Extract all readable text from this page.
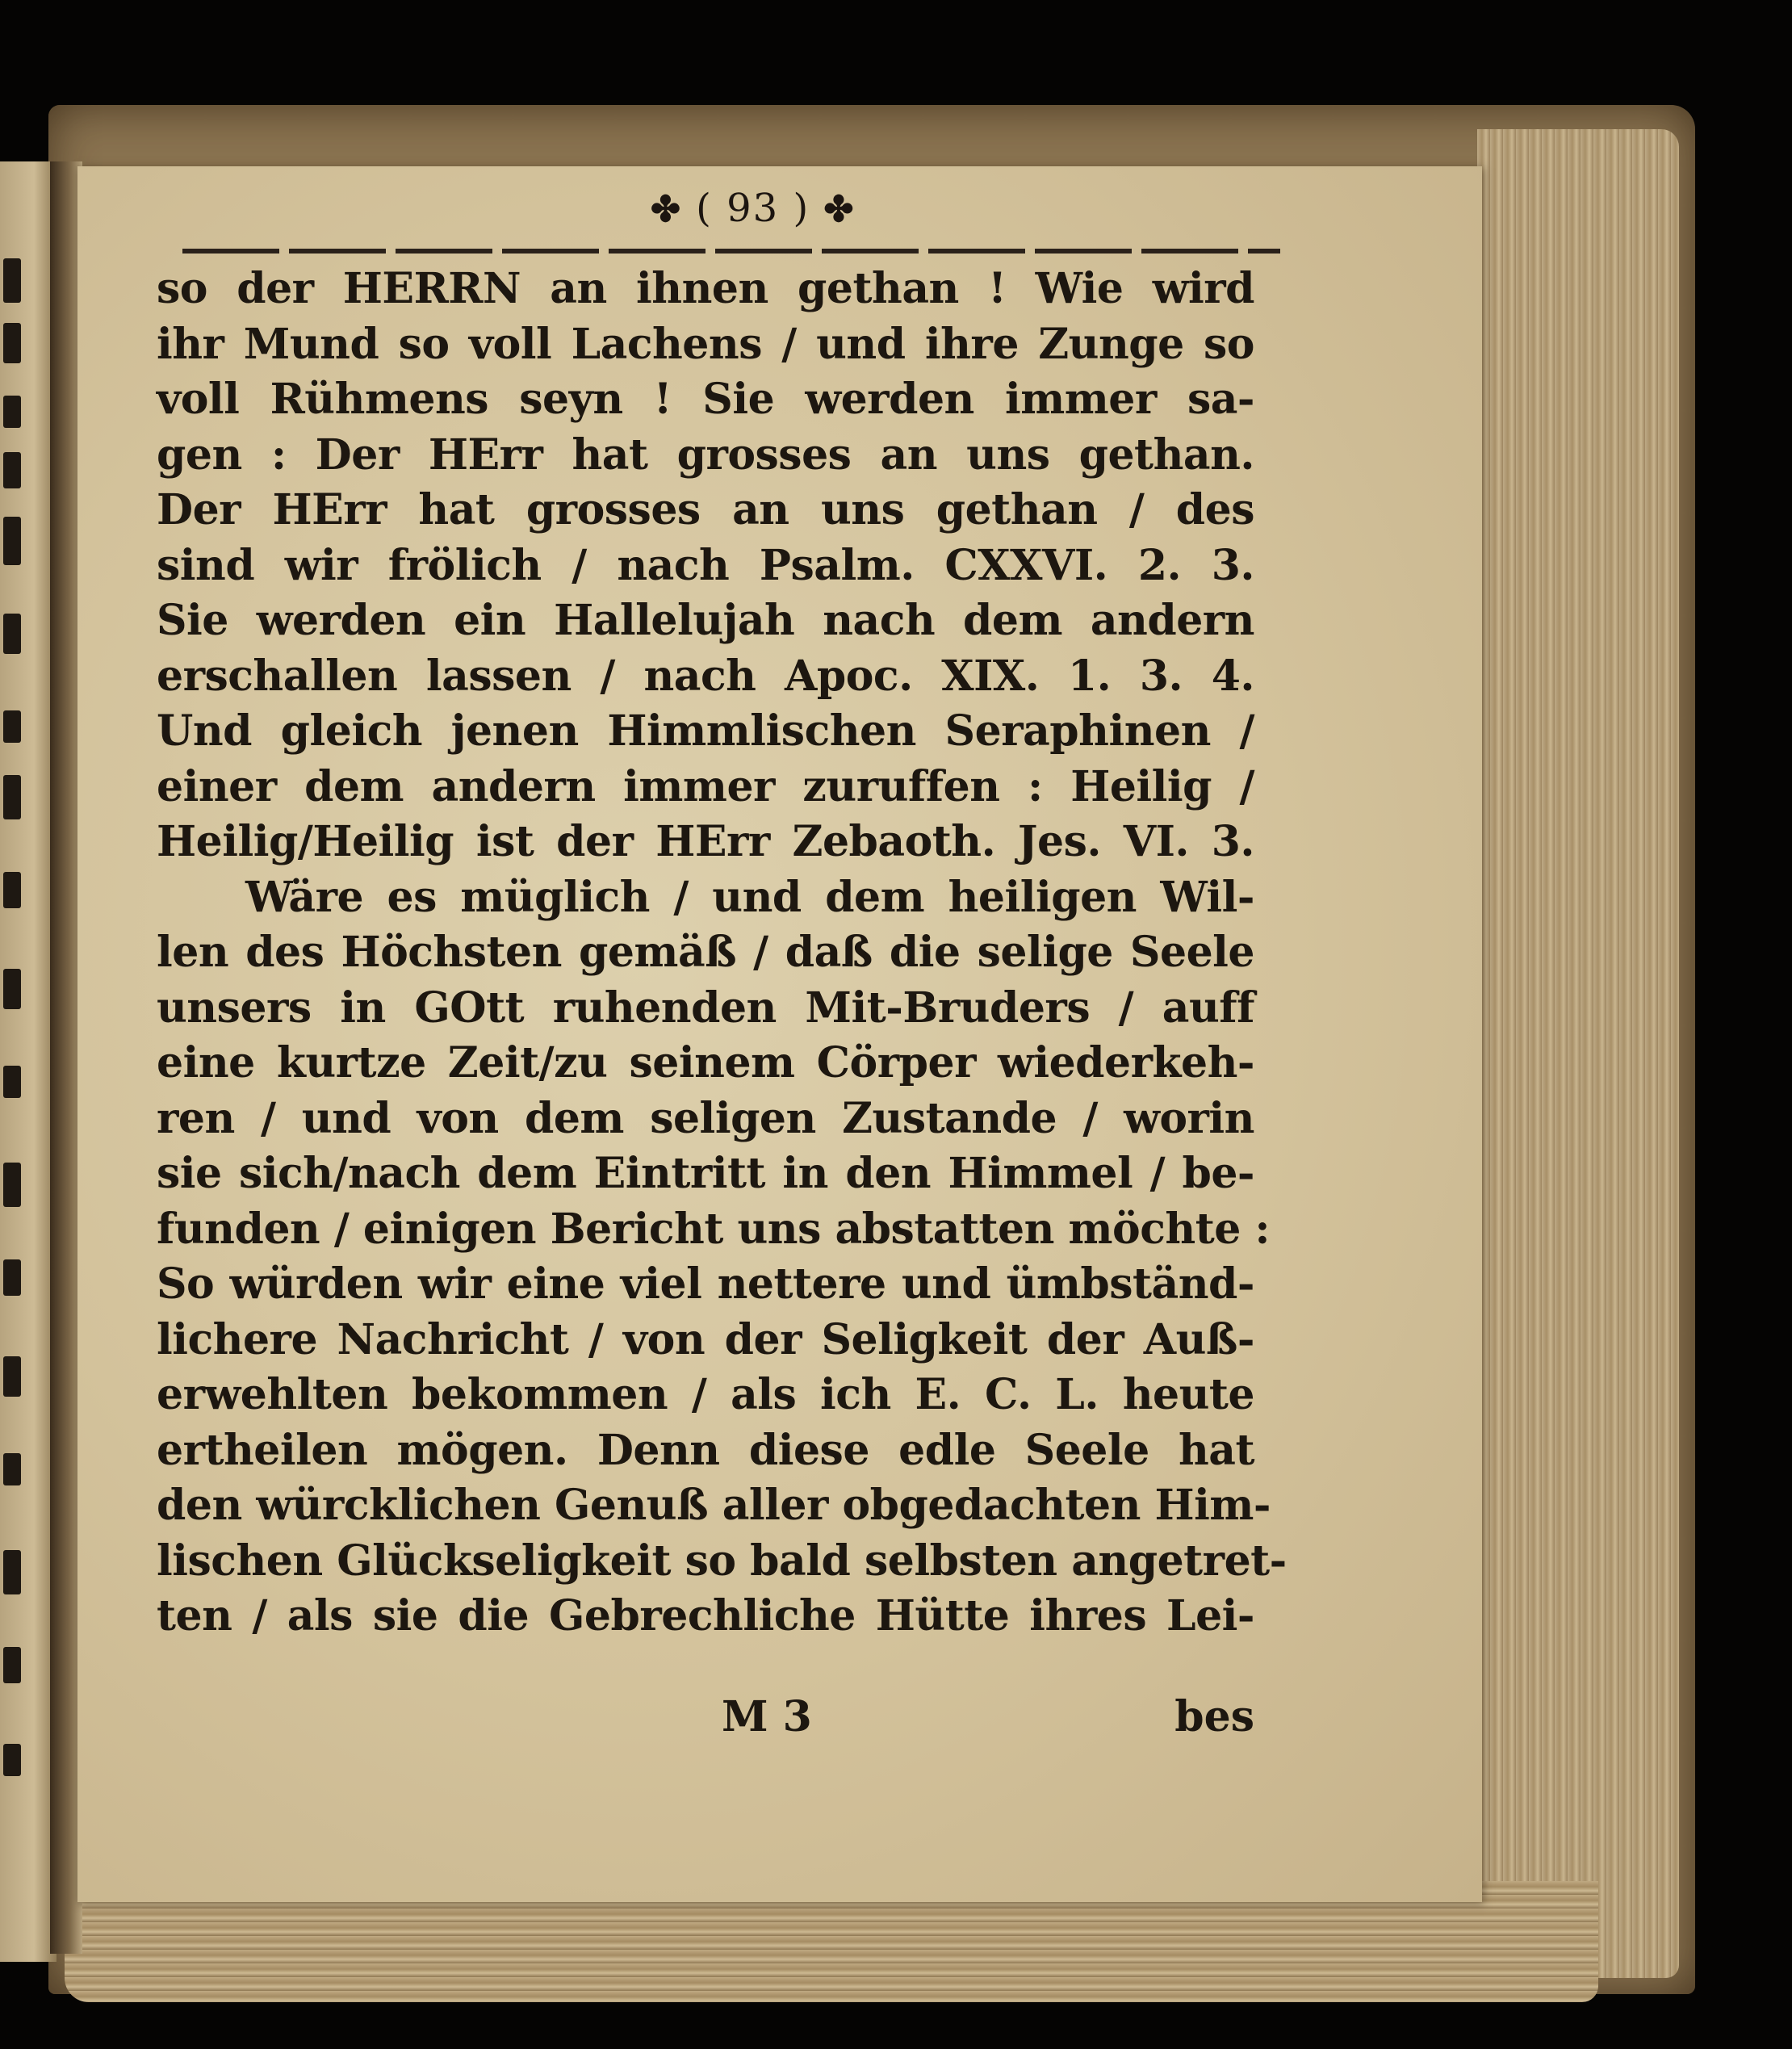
✤ ( 93 ) ✤
so der HERRN an ihnen gethan ! Wie wird
ihr Mund so voll Lachens / und ihre Zunge so
voll Rühmens seyn ! Sie werden immer sa-
gen : Der HErr hat grosses an uns gethan.
Der HErr hat grosses an uns gethan / des
sind wir frölich / nach Psalm. CXXVI. 2. 3.
Sie werden ein Hallelujah nach dem andern
erschallen lassen / nach Apoc. XIX. 1. 3. 4.
Und gleich jenen Himmlischen Seraphinen /
einer dem andern immer zuruffen : Heilig /
Heilig/Heilig ist der HErr Zebaoth. Jes. VI. 3.
Wäre es müglich / und dem heiligen Wil-
len des Höchsten gemäß / daß die selige Seele
unsers in GOtt ruhenden Mit-Bruders / auff
eine kurtze Zeit/zu seinem Cörper wiederkeh-
ren / und von dem seligen Zustande / worin
sie sich/nach dem Eintritt in den Himmel / be-
funden / einigen Bericht uns abstatten möchte :
So würden wir eine viel nettere und ümbständ-
lichere Nachricht / von der Seligkeit der Auß-
erwehlten bekommen / als ich E. C. L. heute
ertheilen mögen. Denn diese edle Seele hat
den würcklichen Genuß aller obgedachten Him-
lischen Glückseligkeit so bald selbsten angetret-
ten / als sie die Gebrechliche Hütte ihres Lei-
M 3	bes
